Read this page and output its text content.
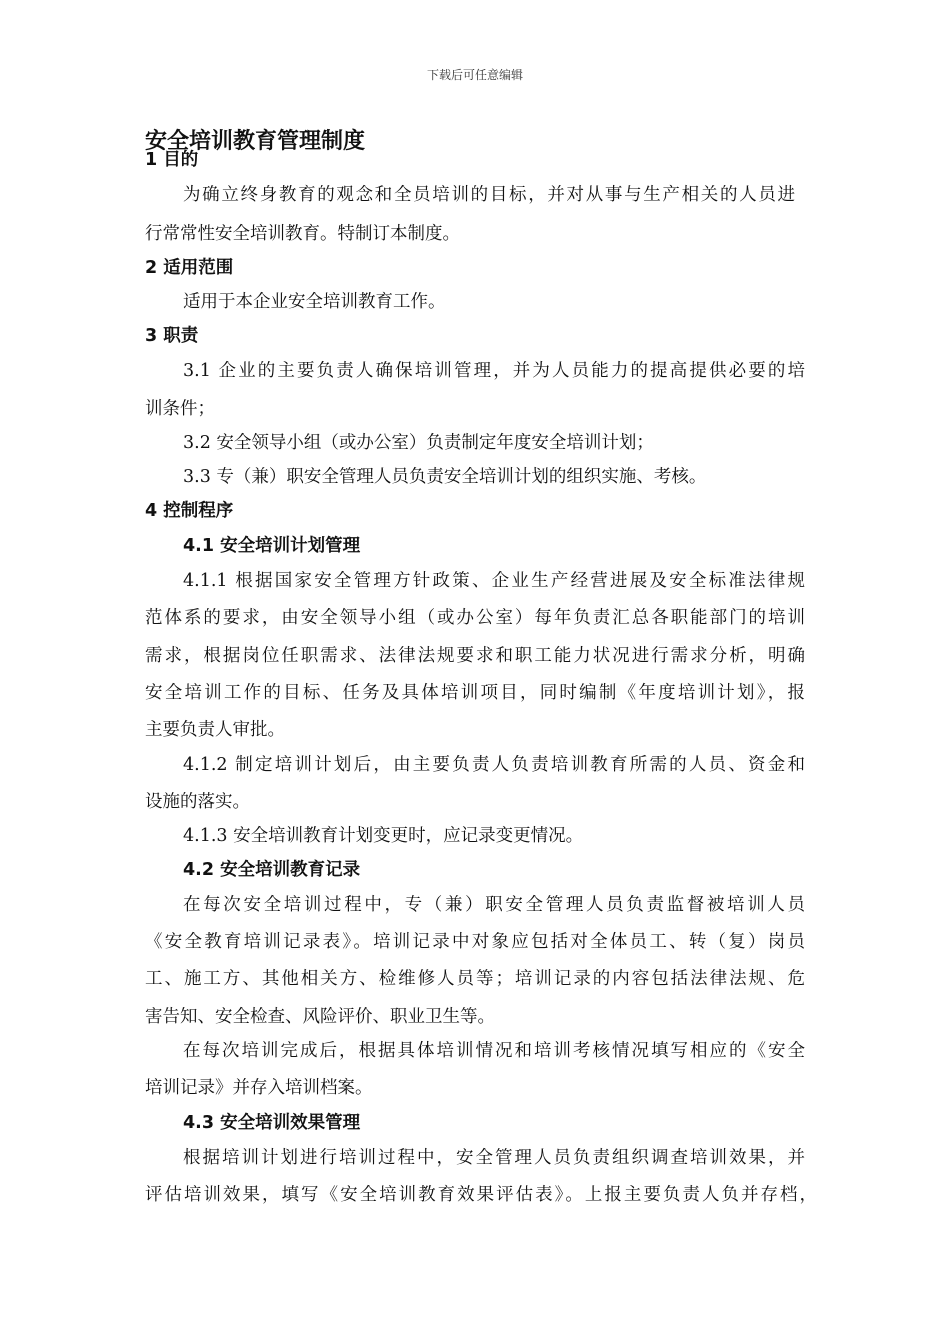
下载后可任意编辑
安全培训教育管理制度
1 目的
为确立终身教育的观念和全员培训的目标，并对从事与生产相关的人员进
行常常性安全培训教育。特制订本制度。
2 适用范围
适用于本企业安全培训教育工作。
3 职责
3.1 企业的主要负责人确保培训管理，并为人员能力的提高提供必要的培
训条件；
3.2 安全领导小组（或办公室）负责制定年度安全培训计划；
3.3 专（兼）职安全管理人员负责安全培训计划的组织实施、考核。
4 控制程序
4.1 安全培训计划管理
4.1.1 根据国家安全管理方针政策、企业生产经营进展及安全标准法律规
范体系的要求，由安全领导小组（或办公室）每年负责汇总各职能部门的培训
需求，根据岗位任职需求、法律法规要求和职工能力状况进行需求分析，明确
安全培训工作的目标、任务及具体培训项目，同时编制《年度培训计划》，报
主要负责人审批。
4.1.2 制定培训计划后，由主要负责人负责培训教育所需的人员、资金和
设施的落实。
4.1.3 安全培训教育计划变更时，应记录变更情况。
4.2 安全培训教育记录
在每次安全培训过程中，专（兼）职安全管理人员负责监督被培训人员
《安全教育培训记录表》。培训记录中对象应包括对全体员工、转（复）岗员
工、施工方、其他相关方、检维修人员等；培训记录的内容包括法律法规、危
害告知、安全检查、风险评价、职业卫生等。
在每次培训完成后，根据具体培训情况和培训考核情况填写相应的《安全
培训记录》并存入培训档案。
4.3 安全培训效果管理
根据培训计划进行培训过程中，安全管理人员负责组织调查培训效果，并
评估培训效果，填写《安全培训教育效果评估表》。上报主要负责人负并存档，
